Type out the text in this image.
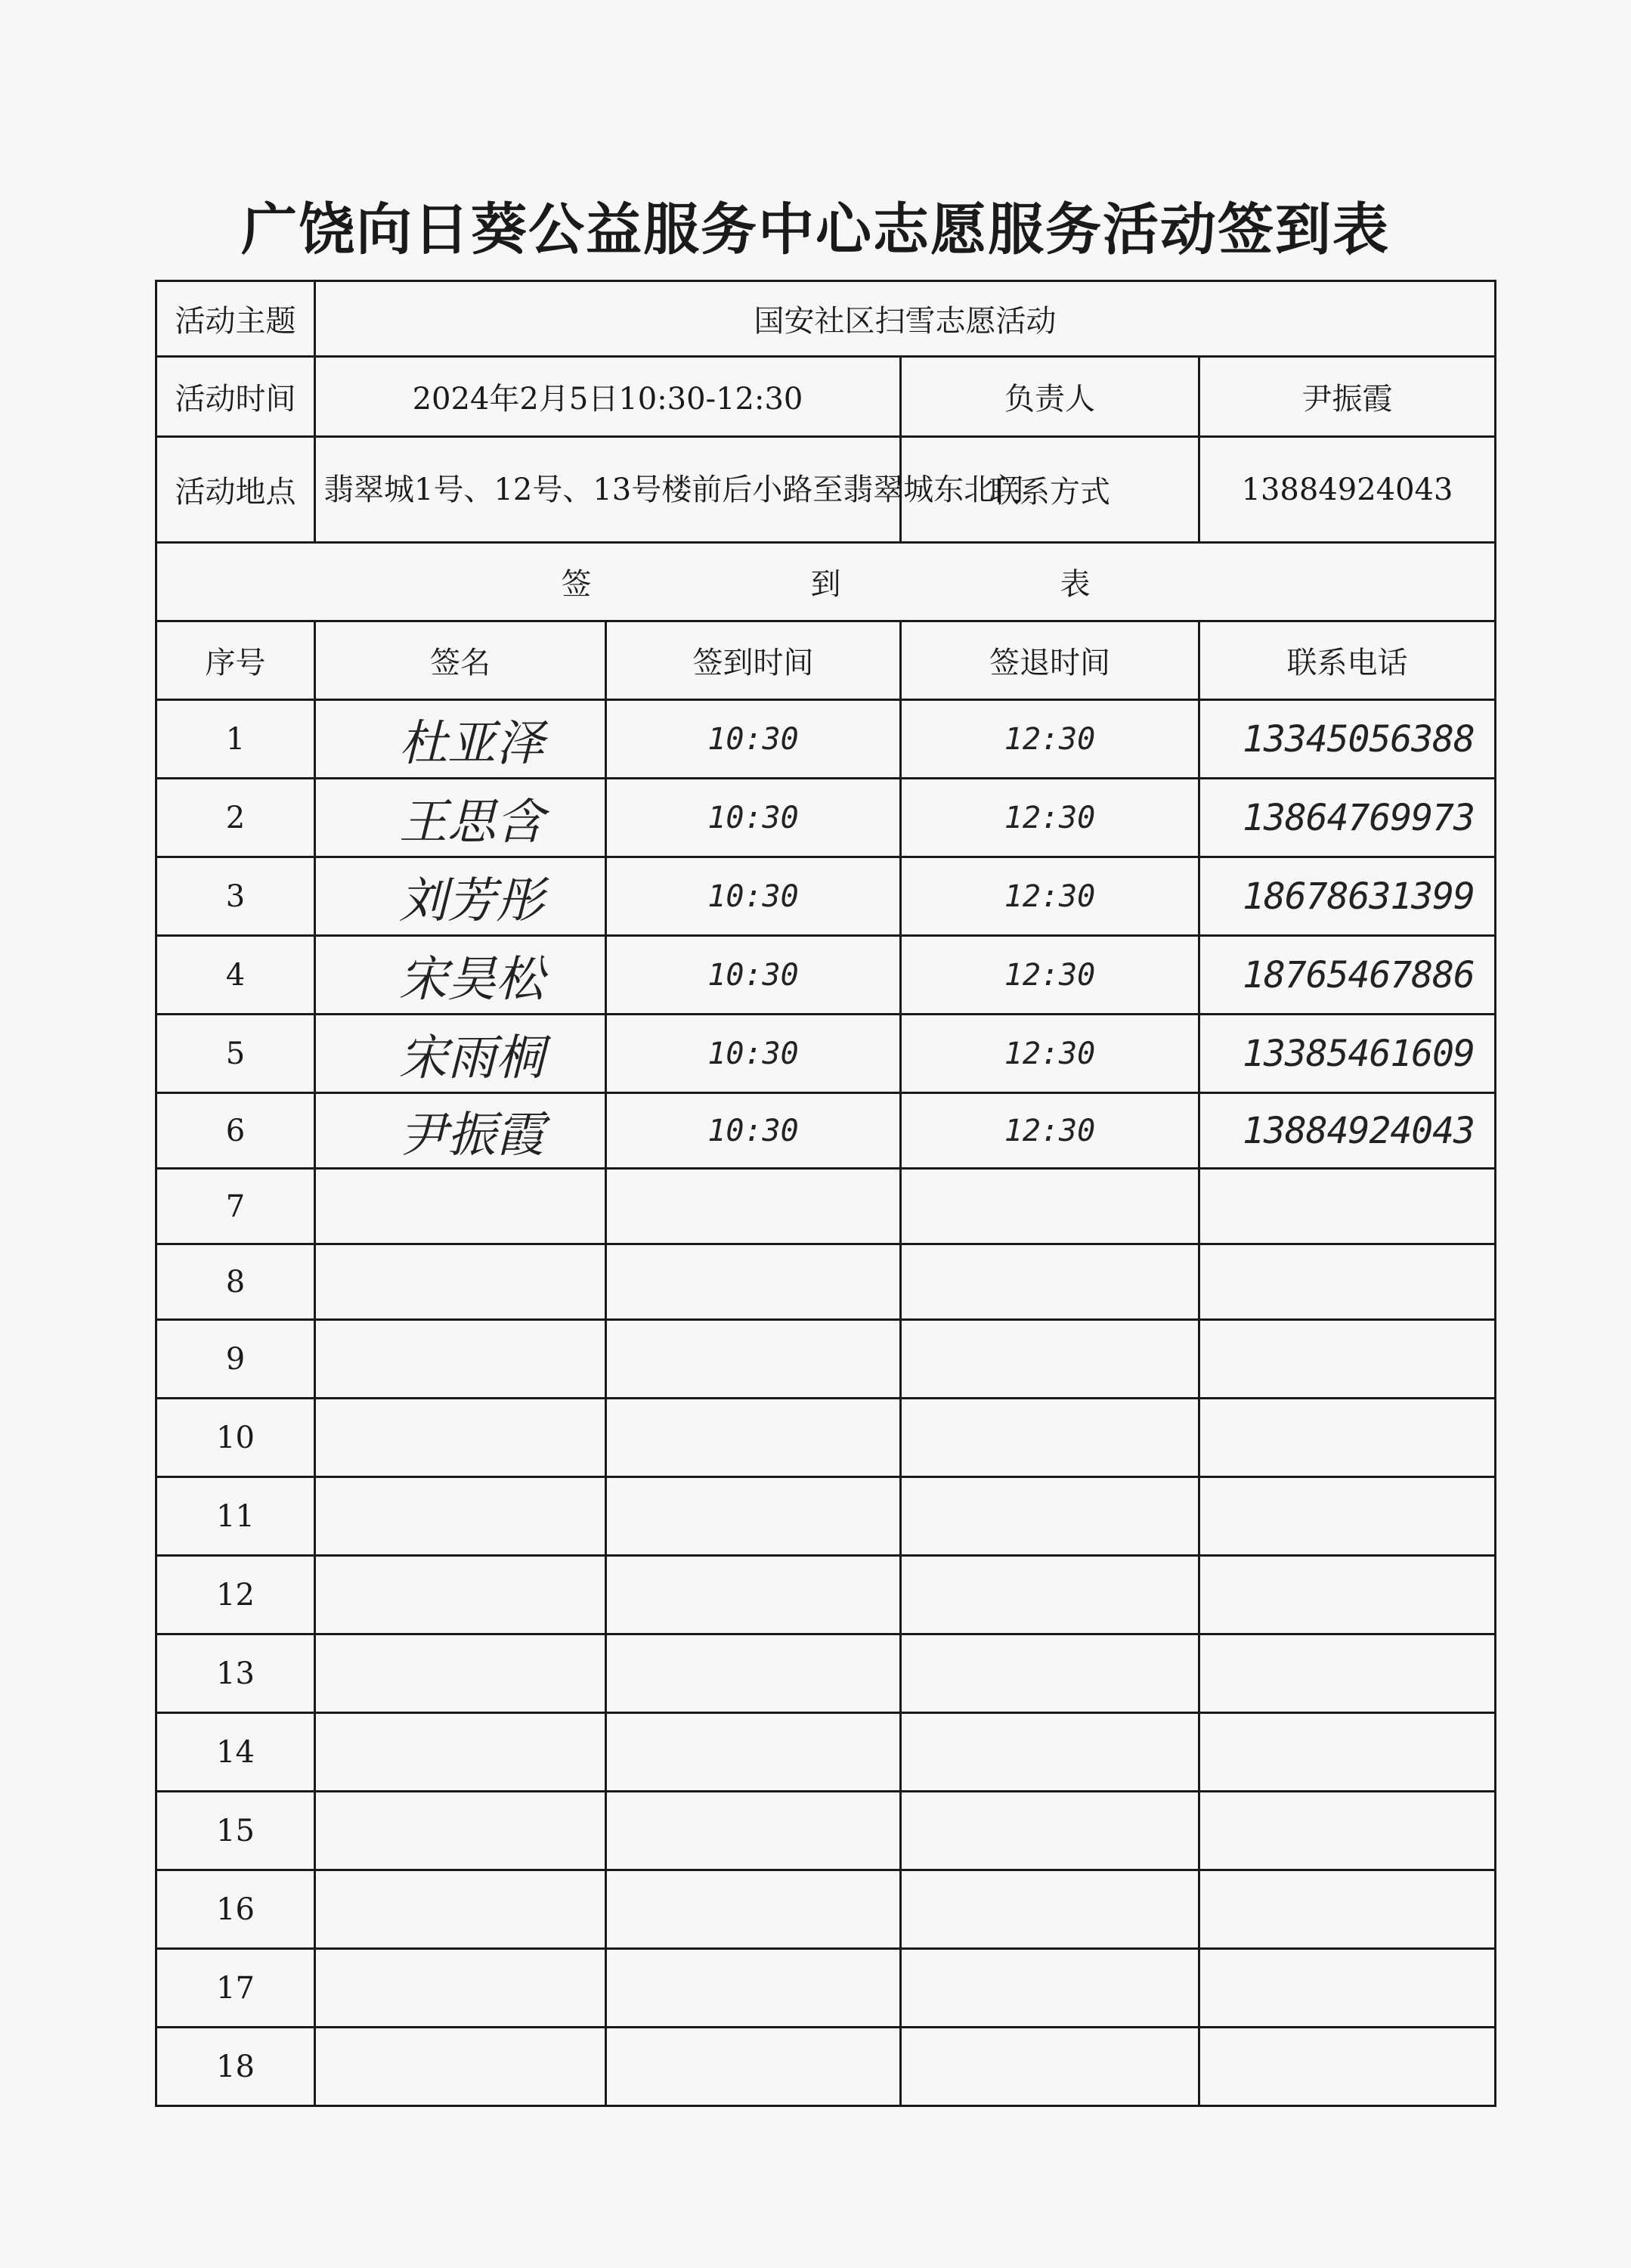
广饶向日葵公益服务中心志愿服务活动签到表
活动主题	国安社区扫雪志愿活动			
活动时间	2024年2月5日10:30-12:30		负责人	尹振霞
活动地点	翡翠城1号、12号、13号楼前后小路至翡翠城东北门		联系方式	13884924043
签 到 表				
序号	签名	签到时间	签退时间	联系电话
1	杜亚泽	10:30	12:30	13345056388
2	王思含	10:30	12:30	13864769973
3	刘芳彤	10:30	12:30	18678631399
4	宋昊松	10:30	12:30	18765467886
5	宋雨桐	10:30	12:30	13385461609
6	尹振霞	10:30	12:30	13884924043
7				
8				
9				
10				
11				
12				
13				
14				
15				
16				
17				
18				
